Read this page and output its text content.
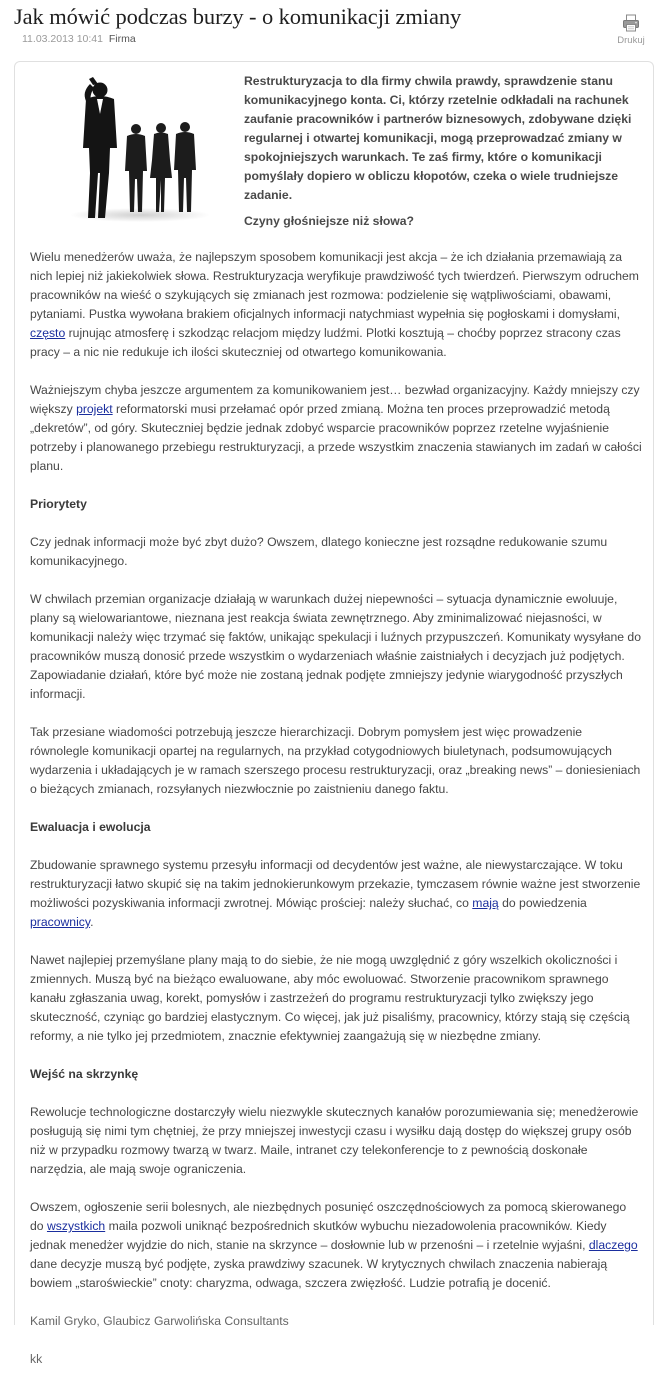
Jak mówić podczas burzy - o komunikacji zmiany
11.03.2013 10:41 Firma	Drukuj

Restrukturyzacja to dla firmy chwila prawdy, sprawdzenie stanu komunikacyjnego konta. Ci, którzy rzetelnie odkładali na rachunek zaufanie pracowników i partnerów biznesowych, zdobywane dzięki regularnej i otwartej komunikacji, mogą przeprowadzać zmiany w spokojniejszych warunkach. Te zaś firmy, które o komunikacji pomyślały dopiero w obliczu kłopotów, czeka o wiele trudniejsze zadanie.

Czyny głośniejsze niż słowa?

Wielu menedżerów uważa, że najlepszym sposobem komunikacji jest akcja – że ich działania przemawiają za nich lepiej niż jakiekolwiek słowa. Restrukturyzacja weryfikuje prawdziwość tych twierdzeń. Pierwszym odruchem pracowników na wieść o szykujących się zmianach jest rozmowa: podzielenie się wątpliwościami, obawami, pytaniami. Pustka wywołana brakiem oficjalnych informacji natychmiast wypełnia się pogłoskami i domysłami, często rujnując atmosferę i szkodząc relacjom między ludźmi. Plotki kosztują – choćby poprzez stracony czas pracy – a nic nie redukuje ich ilości skuteczniej od otwartego komunikowania.

Ważniejszym chyba jeszcze argumentem za komunikowaniem jest… bezwład organizacyjny. Każdy mniejszy czy większy projekt reformatorski musi przełamać opór przed zmianą. Można ten proces przeprowadzić metodą „dekretów”, od góry. Skuteczniej będzie jednak zdobyć wsparcie pracowników poprzez rzetelne wyjaśnienie potrzeby i planowanego przebiegu restrukturyzacji, a przede wszystkim znaczenia stawianych im zadań w całości planu.

Priorytety

Czy jednak informacji może być zbyt dużo? Owszem, dlatego konieczne jest rozsądne redukowanie szumu komunikacyjnego.

W chwilach przemian organizacje działają w warunkach dużej niepewności – sytuacja dynamicznie ewoluuje, plany są wielowariantowe, nieznana jest reakcja świata zewnętrznego. Aby zminimalizować niejasności, w komunikacji należy więc trzymać się faktów, unikając spekulacji i luźnych przypuszczeń. Komunikaty wysyłane do pracowników muszą donosić przede wszystkim o wydarzeniach właśnie zaistniałych i decyzjach już podjętych. Zapowiadanie działań, które być może nie zostaną jednak podjęte zmniejszy jedynie wiarygodność przyszłych informacji.

Tak przesiane wiadomości potrzebują jeszcze hierarchizacji. Dobrym pomysłem jest więc prowadzenie równolegle komunikacji opartej na regularnych, na przykład cotygodniowych biuletynach, podsumowujących wydarzenia i układających je w ramach szerszego procesu restrukturyzacji, oraz „breaking news” – doniesieniach o bieżących zmianach, rozsyłanych niezwłocznie po zaistnieniu danego faktu.

Ewaluacja i ewolucja

Zbudowanie sprawnego systemu przesyłu informacji od decydentów jest ważne, ale niewystarczające. W toku restrukturyzacji łatwo skupić się na takim jednokierunkowym przekazie, tymczasem równie ważne jest stworzenie możliwości pozyskiwania informacji zwrotnej. Mówiąc prościej: należy słuchać, co mają do powiedzenia pracownicy.

Nawet najlepiej przemyślane plany mają to do siebie, że nie mogą uwzględnić z góry wszelkich okoliczności i zmiennych. Muszą być na bieżąco ewaluowane, aby móc ewoluować. Stworzenie pracownikom sprawnego kanału zgłaszania uwag, korekt, pomysłów i zastrzeżeń do programu restrukturyzacji tylko zwiększy jego skuteczność, czyniąc go bardziej elastycznym. Co więcej, jak już pisaliśmy, pracownicy, którzy stają się częścią reformy, a nie tylko jej przedmiotem, znacznie efektywniej zaangażują się w niezbędne zmiany.

Wejść na skrzynkę

Rewolucje technologiczne dostarczyły wielu niezwykle skutecznych kanałów porozumiewania się; menedżerowie posługują się nimi tym chętniej, że przy mniejszej inwestycji czasu i wysiłku dają dostęp do większej grupy osób niż w przypadku rozmowy twarzą w twarz. Maile, intranet czy telekonferencje to z pewnością doskonałe narzędzia, ale mają swoje ograniczenia.

Owszem, ogłoszenie serii bolesnych, ale niezbędnych posunięć oszczędnościowych za pomocą skierowanego do wszystkich maila pozwoli uniknąć bezpośrednich skutków wybuchu niezadowolenia pracowników. Kiedy jednak menedżer wyjdzie do nich, stanie na skrzynce – dosłownie lub w przenośni – i rzetelnie wyjaśni, dlaczego dane decyzje muszą być podjęte, zyska prawdziwy szacunek. W krytycznych chwilach znaczenia nabierają bowiem „staroświeckie” cnoty: charyzma, odwaga, szczera zwięzłość. Ludzie potrafią je docenić.

Kamil Gryko, Glaubicz Garwolińska Consultants

kk
